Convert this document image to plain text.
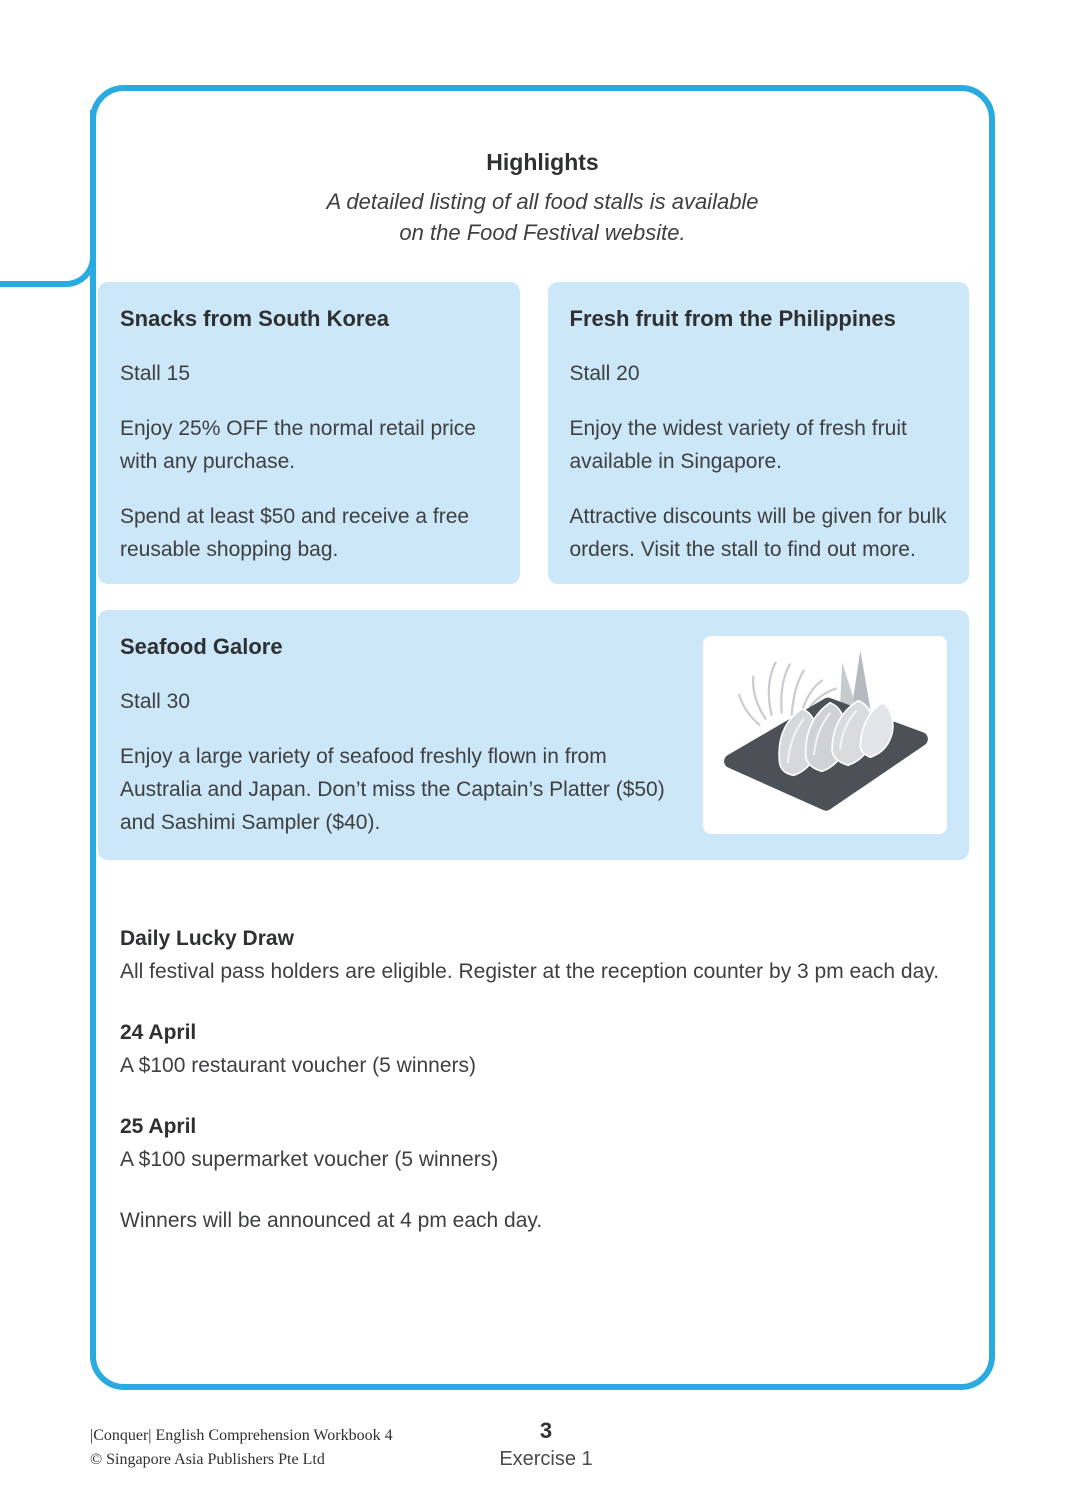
Highlights
A detailed listing of all food stalls is available
on the Food Festival website.

Snacks from South Korea

Stall 15

Enjoy 25% OFF the normal retail price with any purchase.

Spend at least $50 and receive a free reusable shopping bag.

Fresh fruit from the Philippines

Stall 20

Enjoy the widest variety of fresh fruit available in Singapore.

Attractive discounts will be given for bulk orders. Visit the stall to find out more.

Seafood Galore

Stall 30

Enjoy a large variety of seafood freshly flown in from Australia and Japan. Don’t miss the Captain’s Platter ($50) and Sashimi Sampler ($40).

Daily Lucky Draw

All festival pass holders are eligible. Register at the reception counter by 3 pm each day.

24 April

A $100 restaurant voucher (5 winners)

25 April

A $100 supermarket voucher (5 winners)

Winners will be announced at 4 pm each day.

|Conquer| English Comprehension Workbook 4
© Singapore Asia Publishers Pte Ltd
3
Exercise 1
